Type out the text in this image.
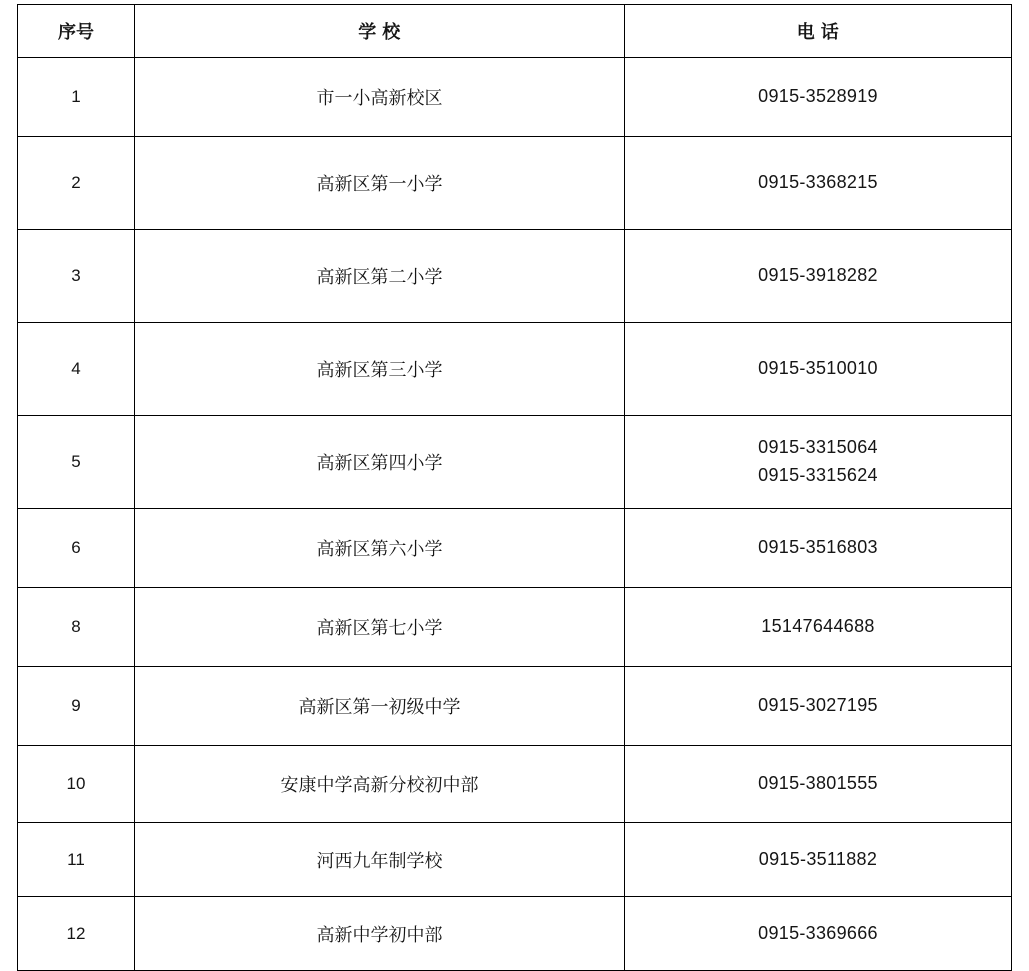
序号	学 校	电 话
1	市一小高新校区	0915-3528919

2	高新区第一小学	0915-3368215

3	高新区第二小学	0915-3918282

4	高新区第三小学	0915-3510010

5	高新区第四小学	0915-3315064
0915-3315624

6	高新区第六小学	0915-3516803

8	高新区第七小学	15147644688

9	高新区第一初级中学	0915-3027195

10	安康中学高新分校初中部	0915-3801555

11	河西九年制学校	0915-3511882

12	高新中学初中部	0915-3369666
